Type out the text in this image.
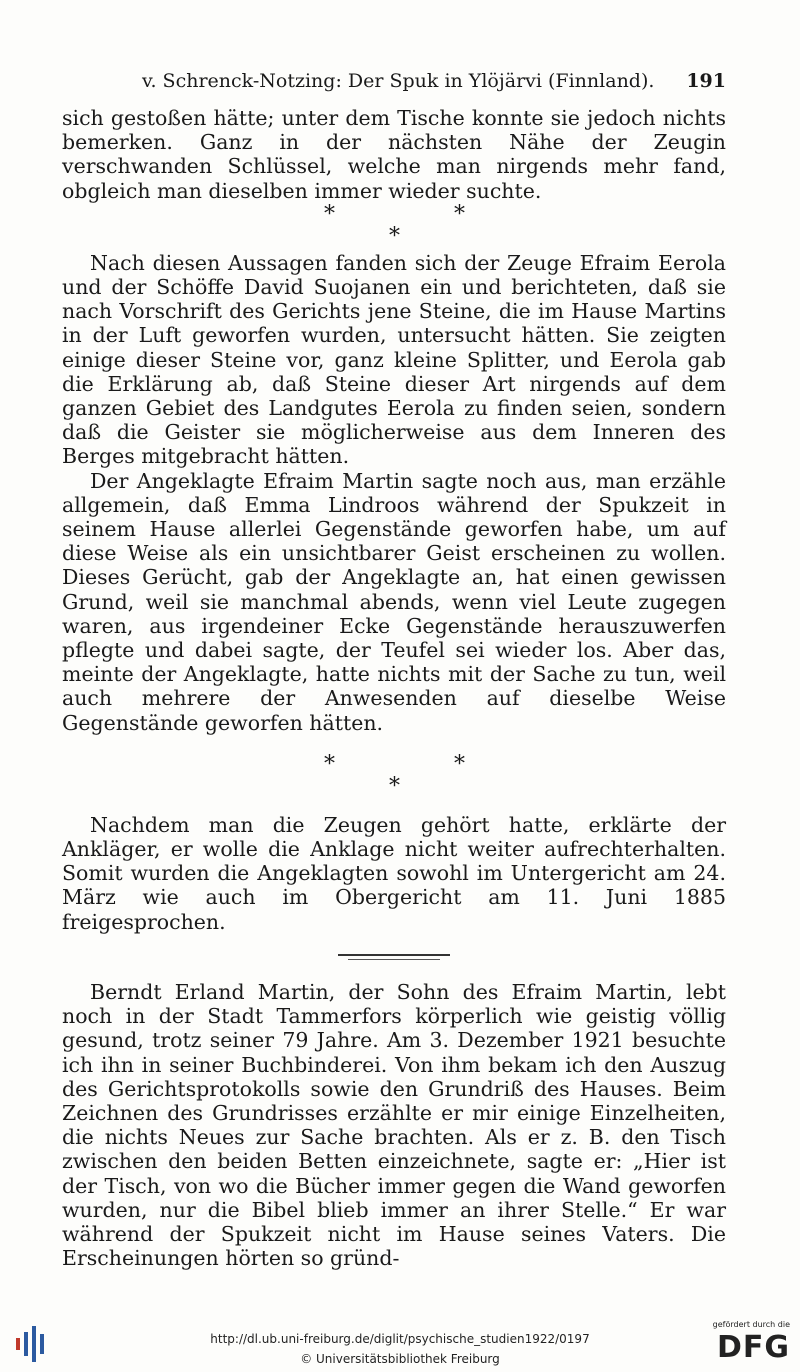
v. Schrenck-Notzing: Der Spuk in Ylöjärvi (Finnland). 191

sich gestoßen hätte; unter dem Tische konnte sie jedoch nichts bemerken. Ganz in der nächsten Nähe der Zeugin verschwanden Schlüssel, welche man nirgends mehr fand, obgleich man dieselben immer wieder suchte.

*	*
*

Nach diesen Aussagen fanden sich der Zeuge Efraim Eerola und der Schöffe David Suojanen ein und berichteten, daß sie nach Vorschrift des Gerichts jene Steine, die im Hause Martins in der Luft geworfen wurden, untersucht hätten. Sie zeigten einige dieser Steine vor, ganz kleine Splitter, und Eerola gab die Erklärung ab, daß Steine dieser Art nirgends auf dem ganzen Gebiet des Landgutes Eerola zu finden seien, sondern daß die Geister sie möglicherweise aus dem Inneren des Berges mitgebracht hätten.

Der Angeklagte Efraim Martin sagte noch aus, man erzähle allgemein, daß Emma Lindroos während der Spukzeit in seinem Hause allerlei Gegenstände geworfen habe, um auf diese Weise als ein unsichtbarer Geist erscheinen zu wollen. Dieses Gerücht, gab der Angeklagte an, hat einen gewissen Grund, weil sie manchmal abends, wenn viel Leute zugegen waren, aus irgendeiner Ecke Gegenstände herauszuwerfen pflegte und dabei sagte, der Teufel sei wieder los. Aber das, meinte der Angeklagte, hatte nichts mit der Sache zu tun, weil auch mehrere der Anwesenden auf dieselbe Weise Gegenstände geworfen hätten.

*	*
*

Nachdem man die Zeugen gehört hatte, erklärte der Ankläger, er wolle die Anklage nicht weiter aufrechterhalten. Somit wurden die Angeklagten sowohl im Untergericht am 24. März wie auch im Obergericht am 11. Juni 1885 freigesprochen.

Berndt Erland Martin, der Sohn des Efraim Martin, lebt noch in der Stadt Tammerfors körperlich wie geistig völlig gesund, trotz seiner 79 Jahre. Am 3. Dezember 1921 besuchte ich ihn in seiner Buchbinderei. Von ihm bekam ich den Auszug des Gerichtsprotokolls sowie den Grundriß des Hauses. Beim Zeichnen des Grundrisses erzählte er mir einige Einzelheiten, die nichts Neues zur Sache brachten. Als er z. B. den Tisch zwischen den beiden Betten einzeichnete, sagte er: „Hier ist der Tisch, von wo die Bücher immer gegen die Wand geworfen wurden, nur die Bibel blieb immer an ihrer Stelle.“ Er war während der Spukzeit nicht im Hause seines Vaters. Die Erscheinungen hörten so gründ-

http://dl.ub.uni-freiburg.de/diglit/psychische_studien1922/0197
© Universitätsbibliothek Freiburg
gefördert durch die
DFG
